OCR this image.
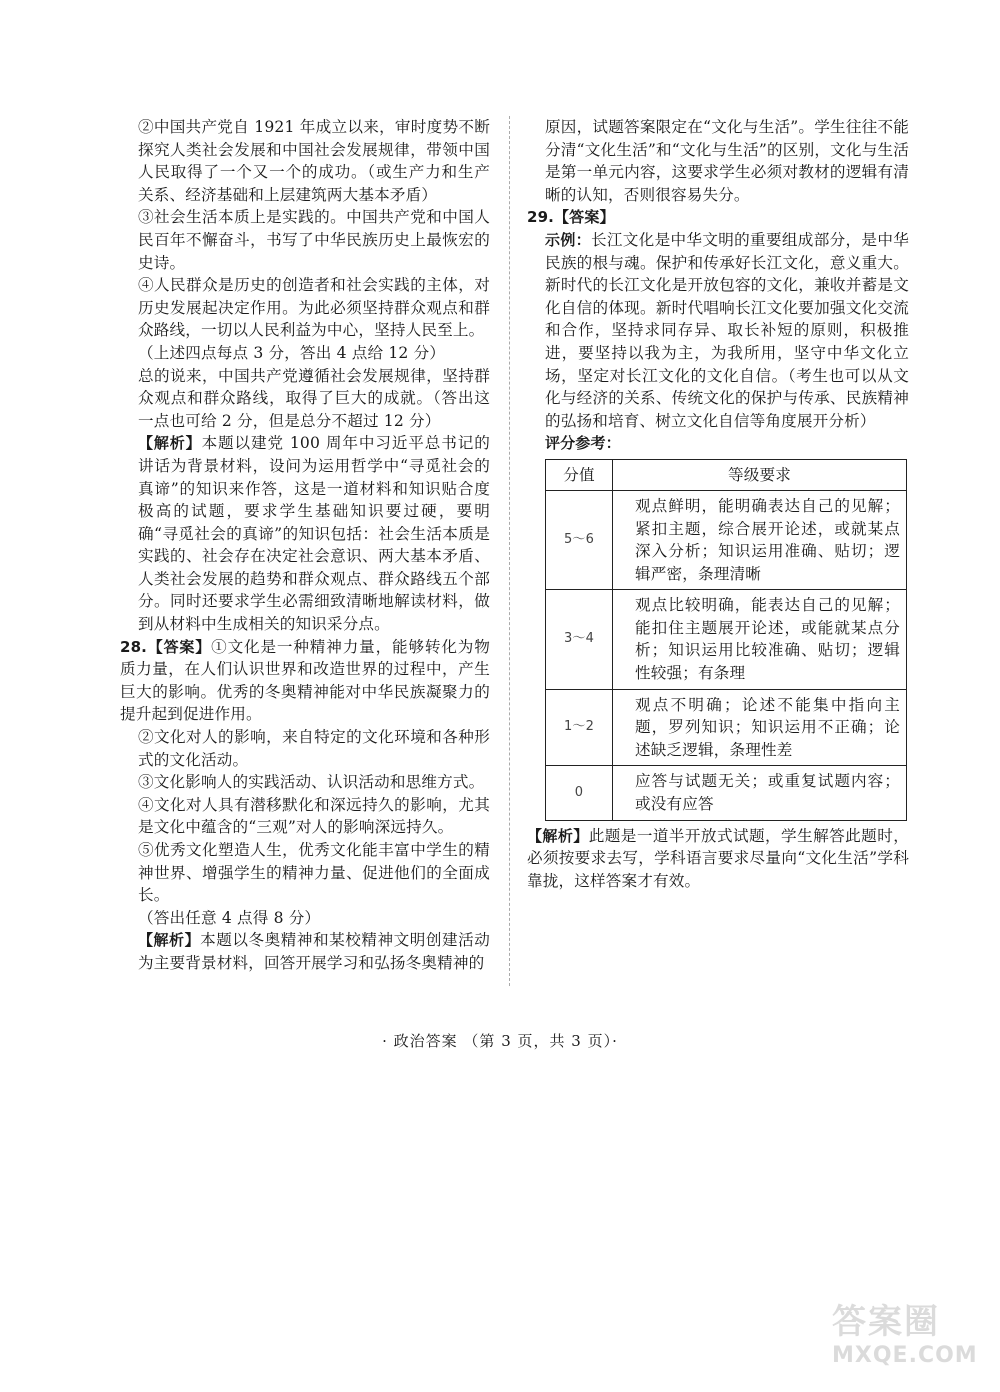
②中国共产党自 1921 年成立以来，审时度势不断探究人类社会发展和中国社会发展规律，带领中国人民取得了一个又一个的成功。（或生产力和生产关系、经济基础和上层建筑两大基本矛盾）

③社会生活本质上是实践的。中国共产党和中国人民百年不懈奋斗，书写了中华民族历史上最恢宏的史诗。

④人民群众是历史的创造者和社会实践的主体，对历史发展起决定作用。为此必须坚持群众观点和群众路线，一切以人民利益为中心，坚持人民至上。

（上述四点每点 3 分，答出 4 点给 12 分）

总的说来，中国共产党遵循社会发展规律，坚持群众观点和群众路线，取得了巨大的成就。（答出这一点也可给 2 分，但是总分不超过 12 分）

【解析】本题以建党 100 周年中习近平总书记的讲话为背景材料，设问为运用哲学中“寻觅社会的真谛”的知识来作答，这是一道材料和知识贴合度极高的试题，要求学生基础知识要过硬，要明确“寻觅社会的真谛”的知识包括：社会生活本质是实践的、社会存在决定社会意识、两大基本矛盾、人类社会发展的趋势和群众观点、群众路线五个部分。同时还要求学生必需细致清晰地解读材料，做到从材料中生成相关的知识采分点。

28.【答案】①文化是一种精神力量，能够转化为物质力量，在人们认识世界和改造世界的过程中，产生巨大的影响。优秀的冬奥精神能对中华民族凝聚力的提升起到促进作用。

②文化对人的影响，来自特定的文化环境和各种形式的文化活动。

③文化影响人的实践活动、认识活动和思维方式。

④文化对人具有潜移默化和深远持久的影响，尤其是文化中蕴含的“三观”对人的影响深远持久。

⑤优秀文化塑造人生，优秀文化能丰富中学生的精神世界、增强学生的精神力量、促进他们的全面成长。

（答出任意 4 点得 8 分）

【解析】本题以冬奥精神和某校精神文明创建活动为主要背景材料，回答开展学习和弘扬冬奥精神的

原因，试题答案限定在“文化与生活”。学生往往不能分清“文化生活”和“文化与生活”的区别，文化与生活是第一单元内容，这要求学生必须对教材的逻辑有清晰的认知，否则很容易失分。

29.【答案】

示例：长江文化是中华文明的重要组成部分，是中华民族的根与魂。保护和传承好长江文化，意义重大。新时代的长江文化是开放包容的文化，兼收并蓄是文化自信的体现。新时代唱响长江文化要加强文化交流和合作，坚持求同存异、取长补短的原则，积极推进，要坚持以我为主，为我所用，坚守中华文化立场，坚定对长江文化的文化自信。（考生也可以从文化与经济的关系、传统文化的保护与传承、民族精神的弘扬和培育、树立文化自信等角度展开分析）

评分参考：

分值	等级要求
5～6	观点鲜明，能明确表达自己的见解；紧扣主题，综合展开论述，或就某点深入分析；知识运用准确、贴切；逻辑严密，条理清晰
3～4	观点比较明确，能表达自己的见解；能扣住主题展开论述，或能就某点分析；知识运用比较准确、贴切；逻辑性较强；有条理
1～2	观点不明确；论述不能集中指向主题，罗列知识；知识运用不正确；论述缺乏逻辑，条理性差
0	应答与试题无关；或重复试题内容；或没有应答

【解析】此题是一道半开放式试题，学生解答此题时，必须按要求去写，学科语言要求尽量向“文化生活”学科靠拢，这样答案才有效。

· 政治答案 （第 3 页，共 3 页）·
答案圈
MXQE.COM
